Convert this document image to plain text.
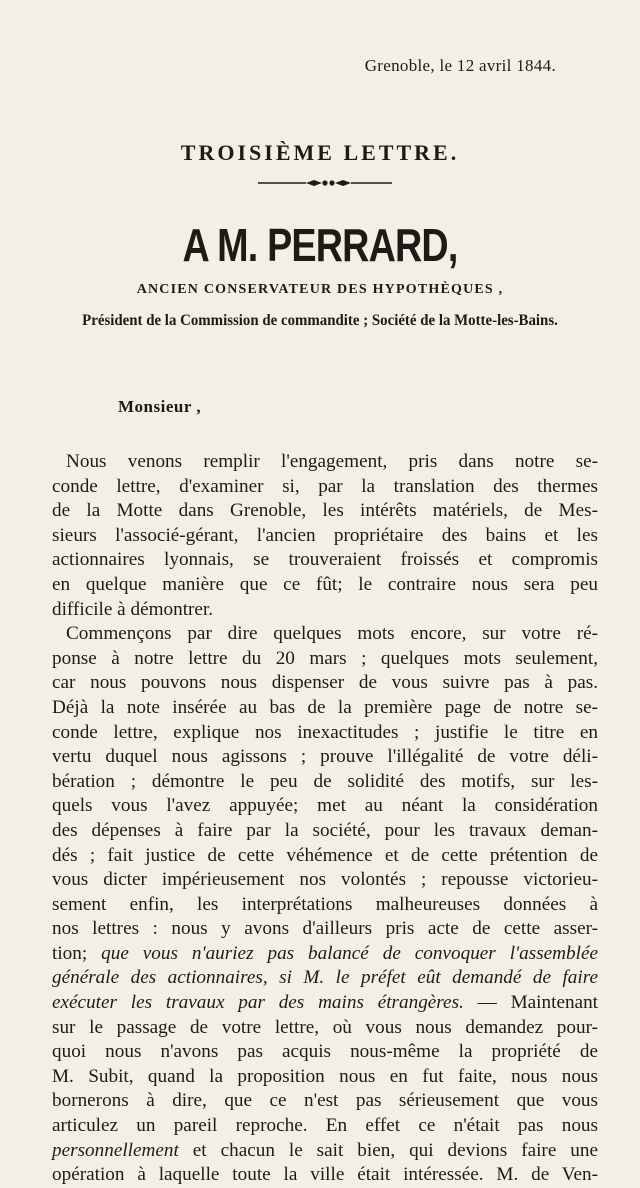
Grenoble, le 12 avril 1844.
TROISIÈME LETTRE.
A M. PERRARD,
ANCIEN CONSERVATEUR DES HYPOTHÈQUES ,
Président de la Commission de commandite ; Société de la Motte-les-Bains.
Monsieur ,
Nous venons remplir l'engagement, pris dans notre se-
conde lettre, d'examiner si, par la translation des thermes
de la Motte dans Grenoble, les intérêts matériels, de Mes-
sieurs l'associé-gérant, l'ancien propriétaire des bains et les
actionnaires lyonnais, se trouveraient froissés et compromis
en quelque manière que ce fût; le contraire nous sera peu
difficile à démontrer.
Commençons par dire quelques mots encore, sur votre ré-
ponse à notre lettre du 20 mars ; quelques mots seulement,
car nous pouvons nous dispenser de vous suivre pas à pas.
Déjà la note insérée au bas de la première page de notre se-
conde lettre, explique nos inexactitudes ; justifie le titre en
vertu duquel nous agissons ; prouve l'illégalité de votre déli-
bération ; démontre le peu de solidité des motifs, sur les-
quels vous l'avez appuyée; met au néant la considération
des dépenses à faire par la société, pour les travaux deman-
dés ; fait justice de cette véhémence et de cette prétention de
vous dicter impérieusement nos volontés ; repousse victorieu-
sement enfin, les interprétations malheureuses données à
nos lettres : nous y avons d'ailleurs pris acte de cette asser-
tion; que vous n'auriez pas balancé de convoquer l'assemblée
générale des actionnaires, si M. le préfet eût demandé de faire
exécuter les travaux par des mains étrangères. — Maintenant
sur le passage de votre lettre, où vous nous demandez pour-
quoi nous n'avons pas acquis nous-même la propriété de
M. Subit, quand la proposition nous en fut faite, nous nous
bornerons à dire, que ce n'est pas sérieusement que vous
articulez un pareil reproche. En effet ce n'était pas nous
personnellement et chacun le sait bien, qui devions faire une
opération à laquelle toute la ville était intéressée. M. de Ven-
